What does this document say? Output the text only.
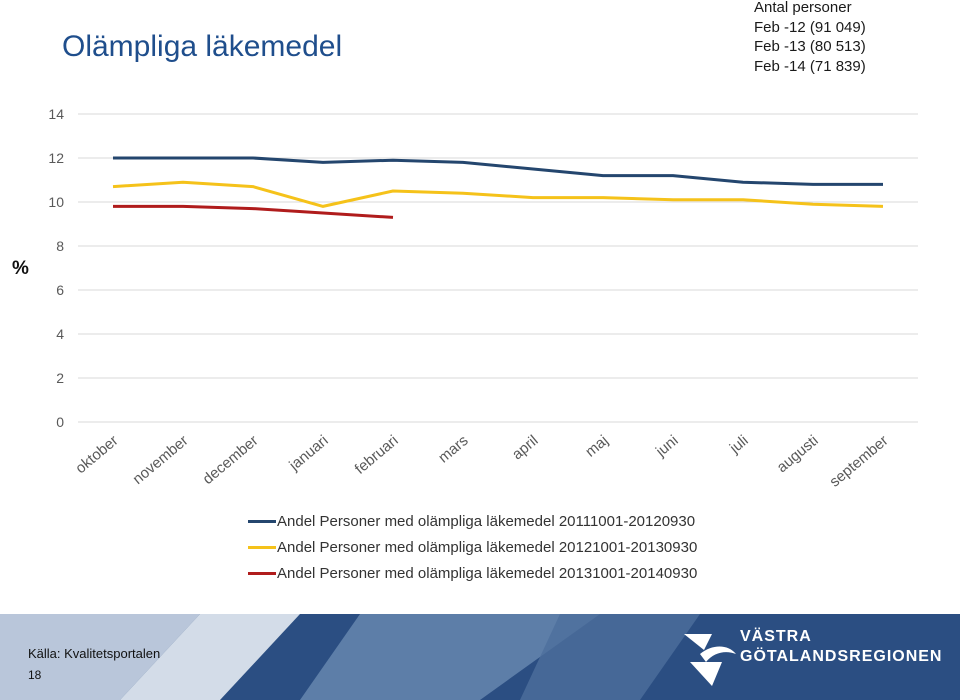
Olämpliga läkemedel
Antal personer
Feb -12 (91 049)
Feb -13 (80 513)
Feb -14 (71 839)
%
0
2
4
6
8
10
12
14
oktober november december januari februari mars april	maj	juni	juli augusti september
Andel Personer med olämpliga läkemedel 20111001-20120930
Andel Personer med olämpliga läkemedel 20121001-20130930
Andel Personer med olämpliga läkemedel 20131001-20140930
VÄSTRA
GÖTALANDSREGIONEN
Källa: Kvalitetsportalen
18
